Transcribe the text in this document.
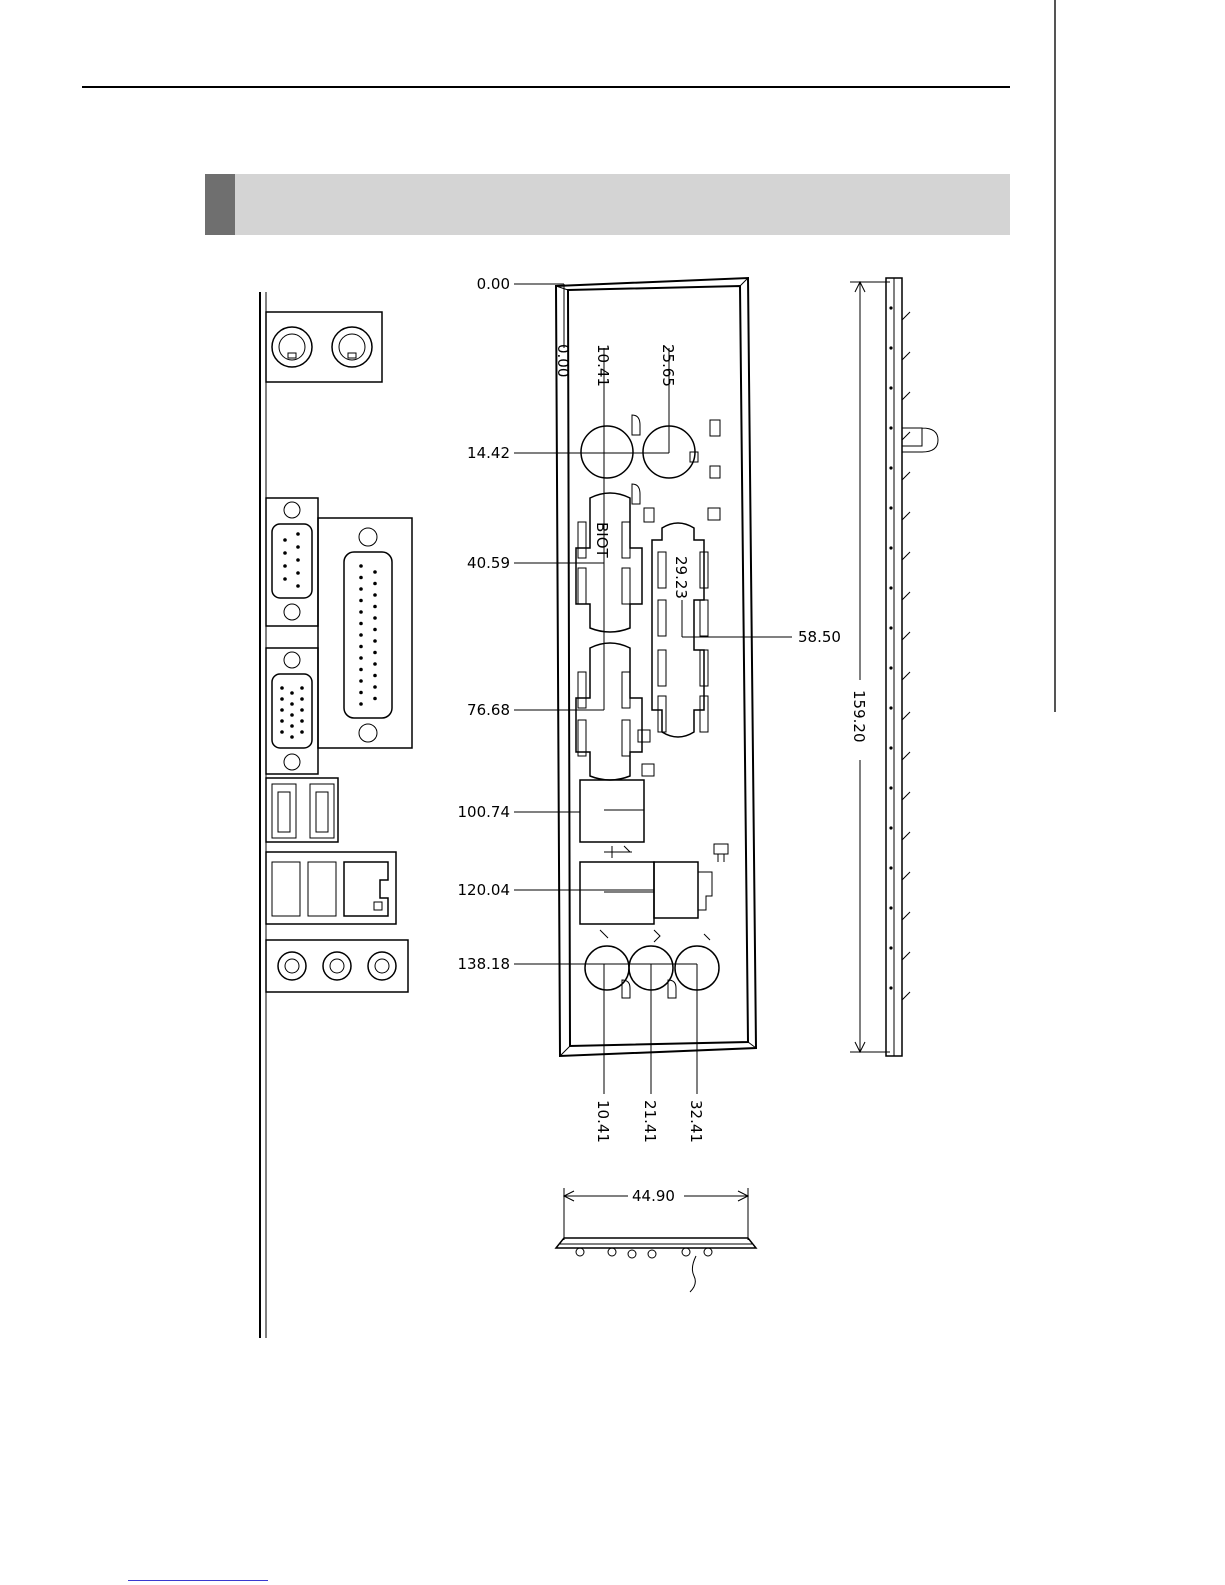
BIOT
0.00
14.42
40.59
76.68
100.74
120.04
138.18
0.00 10.41	25.65
29.23
58.50
10.41 21.41 32.41
159.20
44.90
